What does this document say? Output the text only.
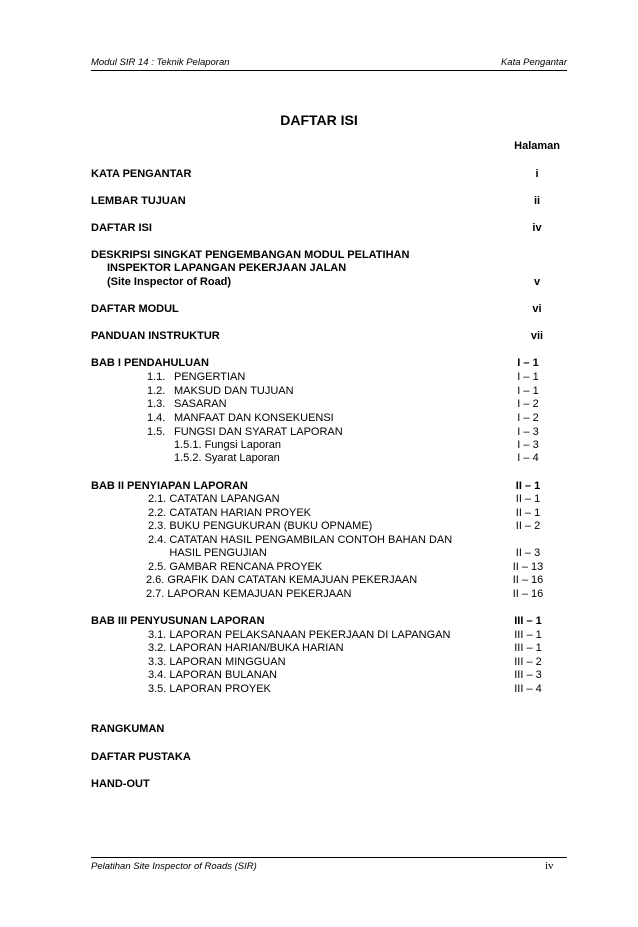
Modul SIR 14 : Teknik Pelaporan	Kata Pengantar
DAFTAR ISI
Halaman
KATA PENGANTAR	i
LEMBAR TUJUAN	ii
DAFTAR ISI	iv
DESKRIPSI SINGKAT PENGEMBANGAN MODUL PELATIHAN
INSPEKTOR LAPANGAN PEKERJAAN JALAN
(Site Inspector of Road)	v
DAFTAR MODUL	vi
PANDUAN INSTRUKTUR	vii
BAB I PENDAHULUAN	I – 1
1.1. PENGERTIAN	I – 1
1.2. MAKSUD DAN TUJUAN	I – 1
1.3. SASARAN	I – 2
1.4. MANFAAT DAN KONSEKUENSI	I – 2
1.5. FUNGSI DAN SYARAT LAPORAN	I – 3
1.5.1. Fungsi Laporan	I – 3
1.5.2. Syarat Laporan	I – 4
BAB II PENYIAPAN LAPORAN	II – 1
2.1. CATATAN LAPANGAN	II – 1
2.2. CATATAN HARIAN PROYEK	II – 1
2.3. BUKU PENGUKURAN (BUKU OPNAME)	II – 2
2.4. CATATAN HASIL PENGAMBILAN CONTOH BAHAN DAN
HASIL PENGUJIAN	II – 3
2.5. GAMBAR RENCANA PROYEK	II – 13
2.6. GRAFIK DAN CATATAN KEMAJUAN PEKERJAAN	II – 16
2.7. LAPORAN KEMAJUAN PEKERJAAN	II – 16
BAB III PENYUSUNAN LAPORAN	III – 1
3.1. LAPORAN PELAKSANAAN PEKERJAAN DI LAPANGAN	III – 1
3.2. LAPORAN HARIAN/BUKA HARIAN	III – 1
3.3. LAPORAN MINGGUAN	III – 2
3.4. LAPORAN BULANAN	III – 3
3.5. LAPORAN PROYEK	III – 4
RANGKUMAN
DAFTAR PUSTAKA
HAND-OUT
Pelatihan Site Inspector of Roads (SIR)	iv
